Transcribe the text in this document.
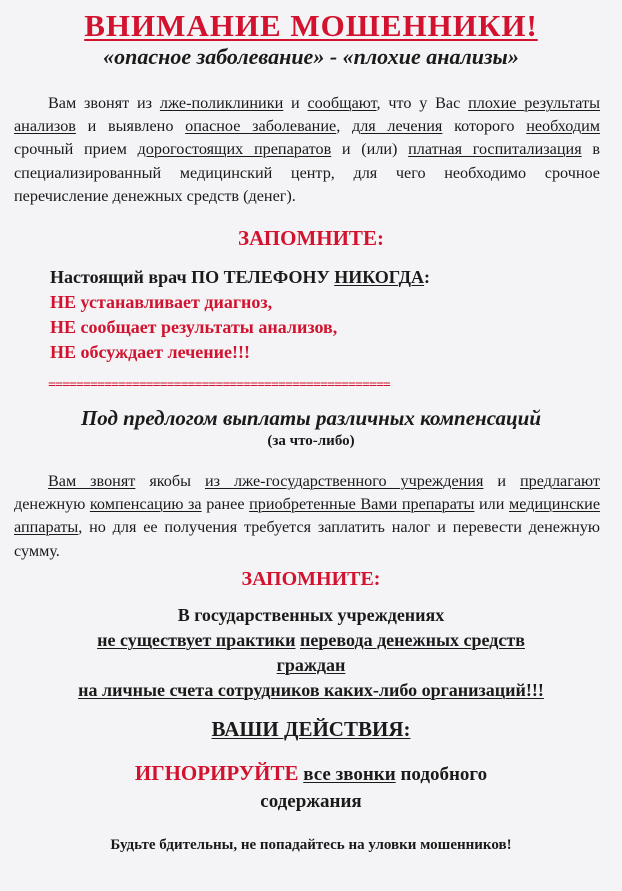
ВНИМАНИЕ МОШЕННИКИ!
«опасное заболевание» - «плохие анализы»

Вам звонят из лже-поликлиники и сообщают, что у Вас плохие результаты анализов и выявлено опасное заболевание, для лечения которого необходим срочный прием дорогостоящих препаратов и (или) платная госпитализация в специализированный медицинский центр, для чего необходимо срочное перечисление денежных средств (денег).

ЗАПОМНИТЕ:
Настоящий врач ПО ТЕЛЕФОНУ НИКОГДА:
НЕ устанавливает диагноз,
НЕ сообщает результаты анализов,
НЕ обсуждает лечение!!!
=================================================
Под предлогом выплаты различных компенсаций
(за что-либо)

Вам звонят якобы из лже-государственного учреждения и предлагают денежную компенсацию за ранее приобретенные Вами препараты или медицинские аппараты, но для ее получения требуется заплатить налог и перевести денежную сумму.

ЗАПОМНИТЕ:
В государственных учреждениях
не существует практики перевода денежных средств
граждан
на личные счета сотрудников каких-либо организаций!!!
ВАШИ ДЕЙСТВИЯ:
ИГНОРИРУЙТЕ все звонки подобного
содержания
Будьте бдительны, не попадайтесь на уловки мошенников!
